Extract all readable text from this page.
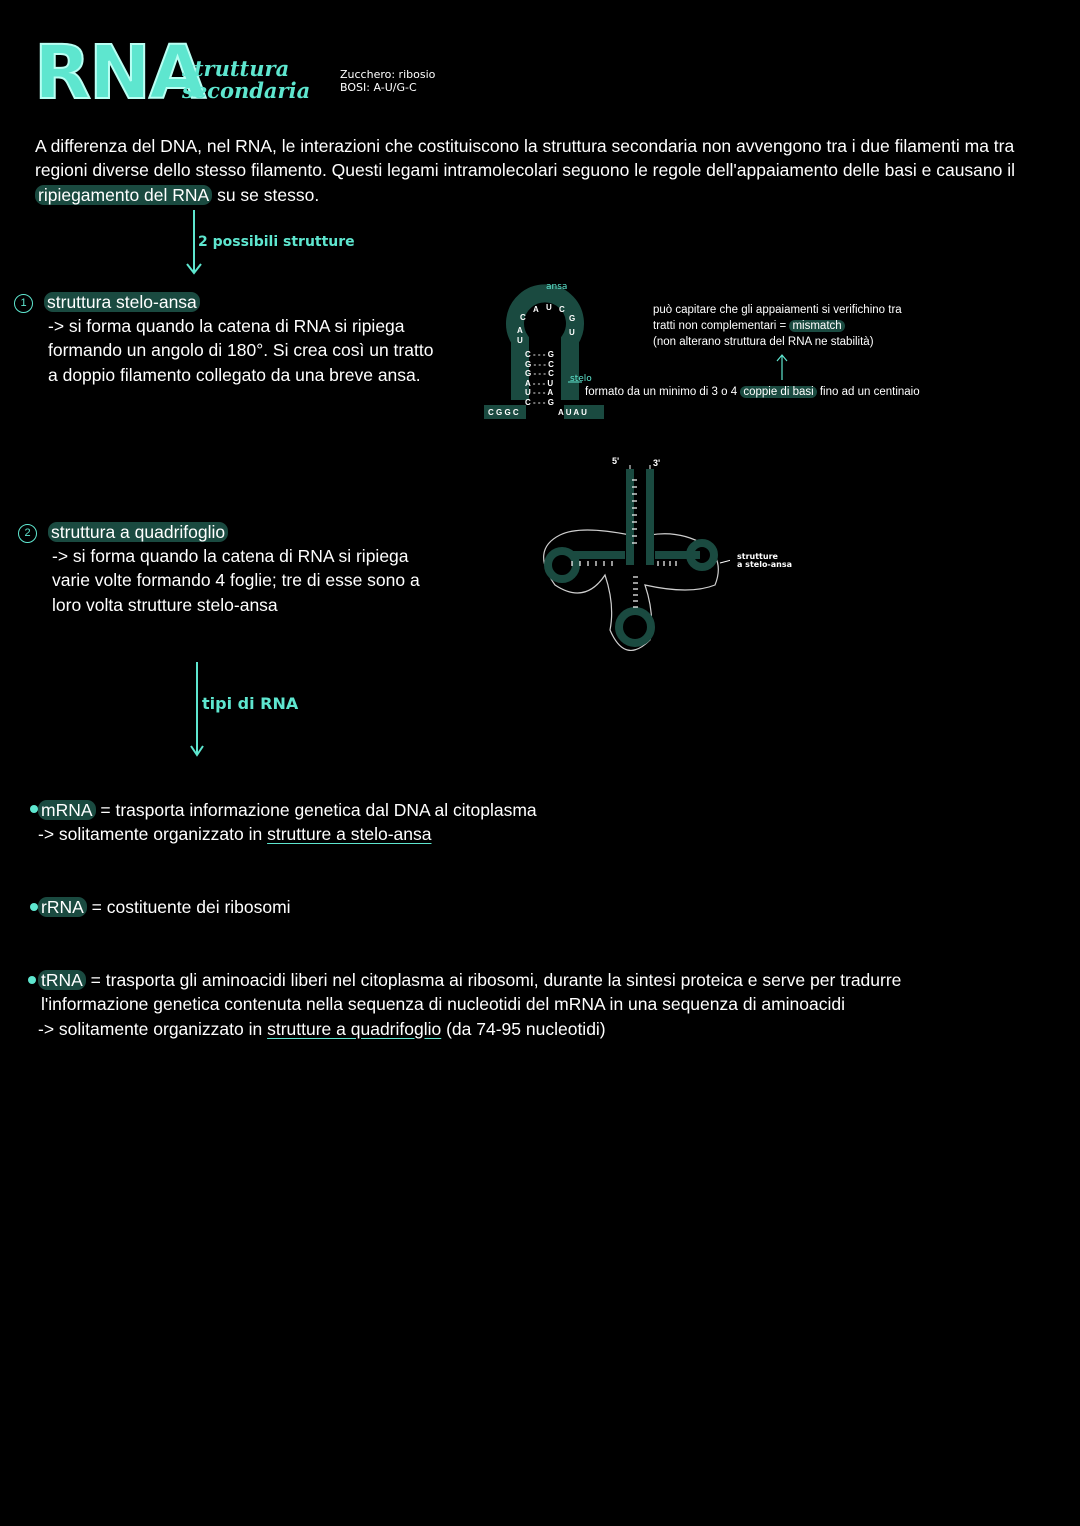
RNA
struttura
secondaria
Zucchero: ribosio
BOSI: A-U/G-C
A differenza del DNA, nel RNA, le interazioni che costituiscono la struttura secondaria non avvengono tra i due filamenti ma tra regioni diverse dello stesso filamento. Questi legami intramolecolari seguono le regole dell'appaiamento delle basi e causano il ripiegamento del RNA su se stesso.
2 possibili strutture
1	struttura stelo-ansa
-> si forma quando la catena di RNA si ripiega formando un angolo di 180°. Si crea così un tratto a doppio filamento collegato da una breve ansa.
ansa
stelo
C
A U C
G
U
A
U
C - - - G
G - - - C
G - - - C
A - - - U
U - - - A
C - - - G
C G G C	A U A U
può capitare che gli appaiamenti si verifichino tra
tratti non complementari = mismatch
(non alterano struttura del RNA ne stabilità)
formato da un minimo di 3 o 4 coppie di basi fino ad un centinaio
2	struttura a quadrifoglio
-> si forma quando la catena di RNA si ripiega varie volte formando 4 foglie; tre di esse sono a loro volta strutture stelo-ansa
5'	3'
strutture
a stelo-ansa
tipi di RNA
mRNA = trasporta informazione genetica dal DNA al citoplasma
-> solitamente organizzato in strutture a stelo-ansa
rRNA = costituente dei ribosomi
tRNA = trasporta gli aminoacidi liberi nel citoplasma ai ribosomi, durante la sintesi proteica e serve per tradurre
l'informazione genetica contenuta nella sequenza di nucleotidi del mRNA in una sequenza di aminoacidi
-> solitamente organizzato in strutture a quadrifoglio (da 74-95 nucleotidi)
